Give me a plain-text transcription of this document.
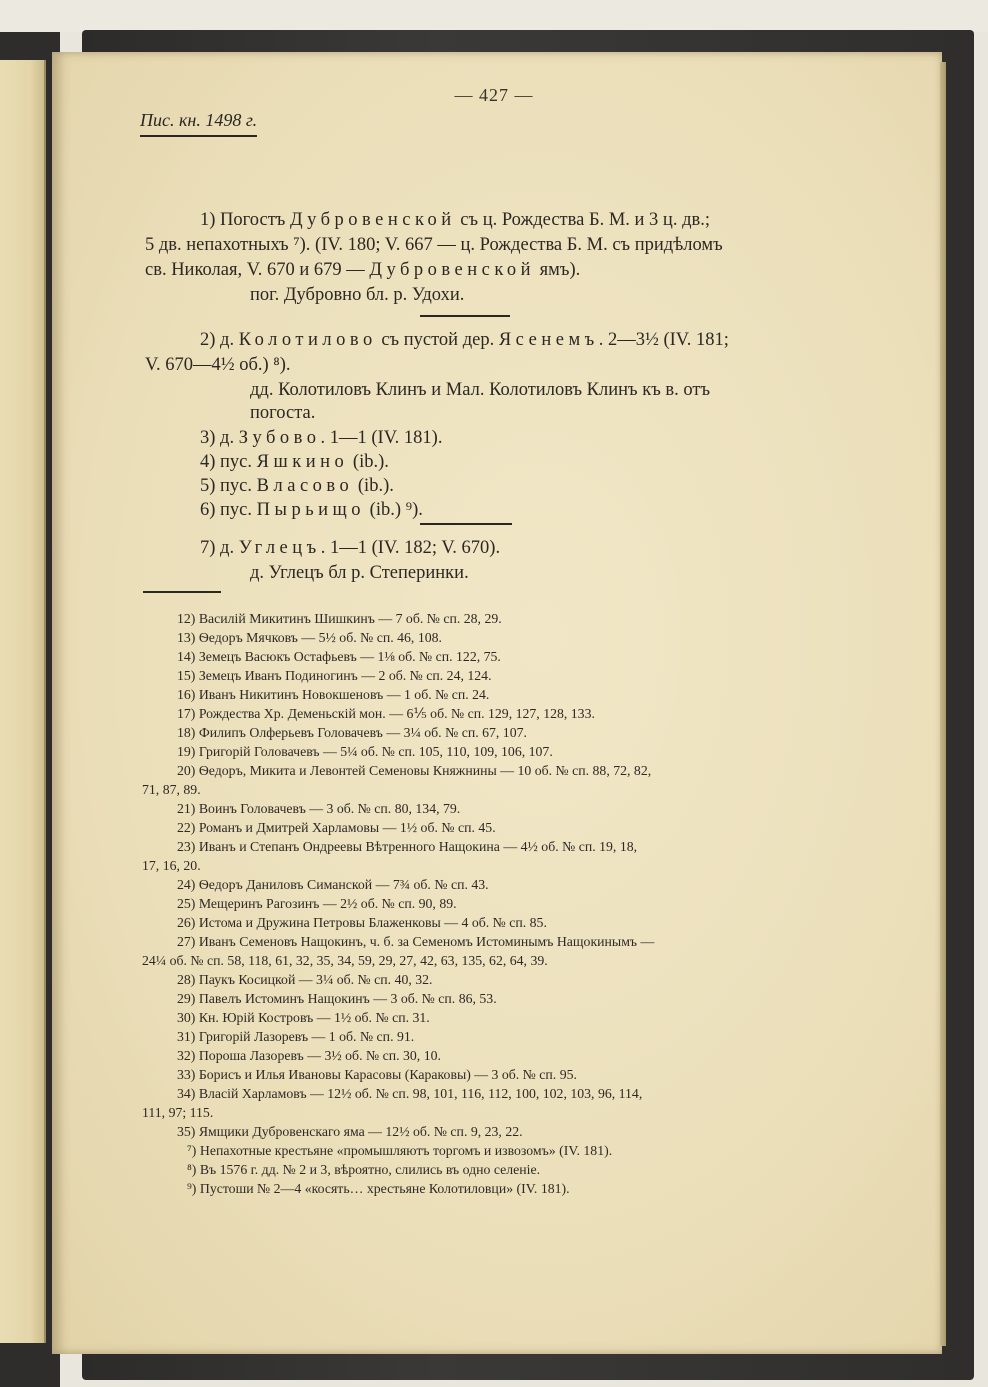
— 427 —
Пис. кн. 1498 г.
1) Погостъ Дубровенской съ ц. Рождества Б. М. и 3 ц. дв.;
5 дв. непахотныхъ ⁷). (IV. 180; V. 667 — ц. Рождества Б. М. съ придѣломъ
св. Николая, V. 670 и 679 — Дубровенской ямъ).
пог. Дубровно бл. р. Удохи.
2) д. Колотилово съ пустой дер. Ясенемъ. 2—3½ (IV. 181;
V. 670—4½ об.) ⁸).
дд. Колотиловъ Клинъ и Мал. Колотиловъ Клинъ къ в. отъ
погоста.
3) д. Зубово. 1—1 (IV. 181).
4) пус. Яшкино (ib.).
5) пус. Власово (ib.).
6) пус. Пырьищо (ib.) ⁹).
7) д. Углецъ. 1—1 (IV. 182; V. 670).
д. Углецъ бл р. Степеринки.
12) Василій Микитинъ Шишкинъ — 7 об. № сп. 28, 29.
13) Ѳедоръ Мячковъ — 5½ об. № сп. 46, 108.
14) Земецъ Васюкъ Остафьевъ — 1⅛ об. № сп. 122, 75.
15) Земецъ Иванъ Подиногинъ — 2 об. № сп. 24, 124.
16) Иванъ Никитинъ Новокшеновъ — 1 об. № сп. 24.
17) Рождества Хр. Деменьскій мон. — 6⅕ об. № сп. 129, 127, 128, 133.
18) Филипъ Олферьевъ Головачевъ — 3¼ об. № сп. 67, 107.
19) Григорій Головачевъ — 5¼ об. № сп. 105, 110, 109, 106, 107.
20) Ѳедоръ, Микита и Левонтей Семеновы Княжнины — 10 об. № сп. 88, 72, 82,
71, 87, 89.
21) Воинъ Головачевъ — 3 об. № сп. 80, 134, 79.
22) Романъ и Дмитрей Харламовы — 1½ об. № сп. 45.
23) Иванъ и Степанъ Ондреевы Вѣтренного Нащокина — 4½ об. № сп. 19, 18,
17, 16, 20.
24) Ѳедоръ Даниловъ Симанской — 7¾ об. № сп. 43.
25) Мещеринъ Рагозинъ — 2½ об. № сп. 90, 89.
26) Истома и Дружина Петровы Блаженковы — 4 об. № сп. 85.
27) Иванъ Семеновъ Нащокинъ, ч. б. за Семеномъ Истоминымъ Нащокинымъ —
24¼ об. № сп. 58, 118, 61, 32, 35, 34, 59, 29, 27, 42, 63, 135, 62, 64, 39.
28) Паукъ Косицкой — 3¼ об. № сп. 40, 32.
29) Павелъ Истоминъ Нащокинъ — 3 об. № сп. 86, 53.
30) Кн. Юрій Костровъ — 1½ об. № сп. 31.
31) Григорій Лазоревъ — 1 об. № сп. 91.
32) Пороша Лазоревъ — 3½ об. № сп. 30, 10.
33) Борисъ и Илья Ивановы Карасовы (Караковы) — 3 об. № сп. 95.
34) Власій Харламовъ — 12½ об. № сп. 98, 101, 116, 112, 100, 102, 103, 96, 114,
111, 97; 115.
35) Ямщики Дубровенскаго яма — 12½ об. № сп. 9, 23, 22.
⁷) Непахотные крестьяне «промышляютъ торгомъ и извозомъ» (IV. 181).
⁸) Въ 1576 г. дд. № 2 и 3, вѣроятно, слились въ одно селеніе.
⁹) Пустоши № 2—4 «косять… хрестьяне Колотиловци» (IV. 181).
